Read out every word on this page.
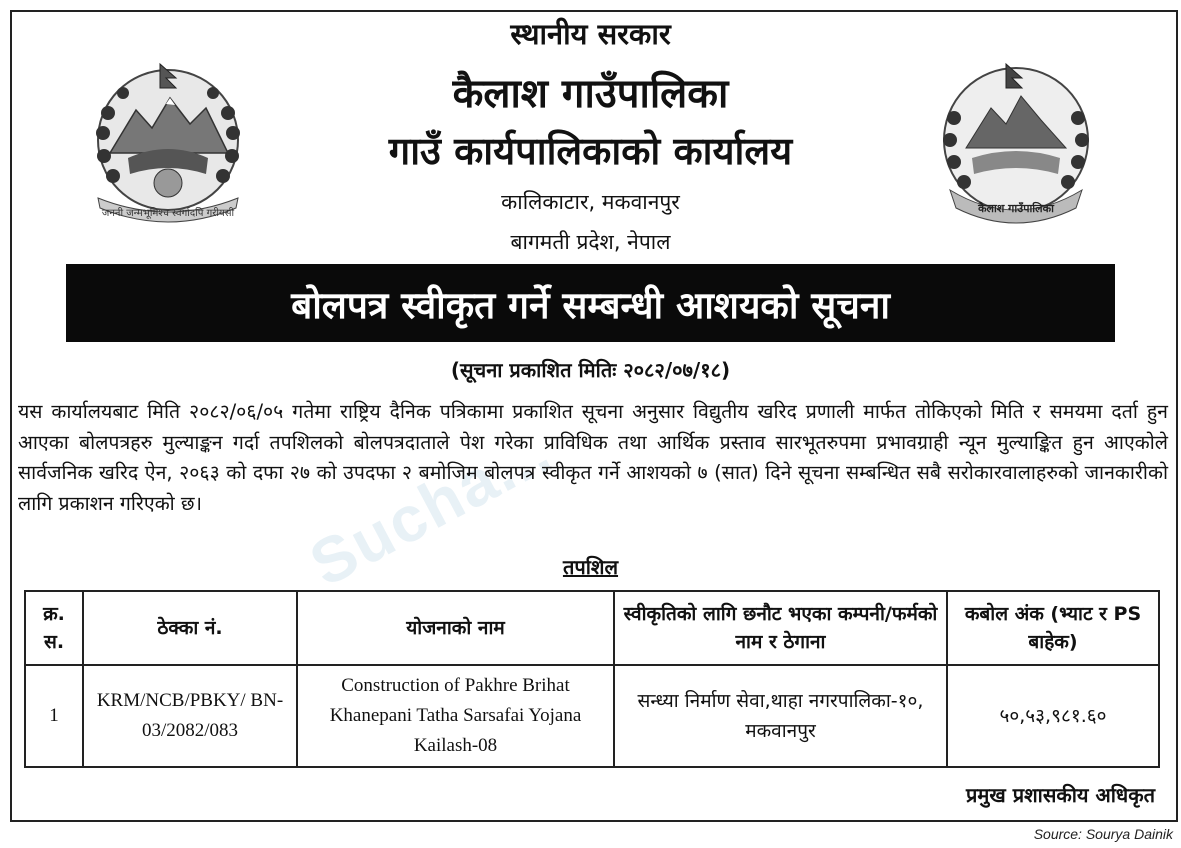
Sucha...
जननी जन्मभूमिश्च स्वर्गादपि गरीयसी	कैलाश गाउँपालिका
स्थानीय सरकार
कैलाश गाउँपालिका
गाउँ कार्यपालिकाको कार्यालय
कालिकाटार, मकवानपुर
बागमती प्रदेश, नेपाल
बोलपत्र स्वीकृत गर्ने सम्बन्धी आशयको सूचना
(सूचना प्रकाशित मितिः २०८२/०७/१८)
यस कार्यालयबाट मिति २०८२/०६/०५ गतेमा राष्ट्रिय दैनिक पत्रिकामा प्रकाशित सूचना अनुसार विद्युतीय खरिद प्रणाली मार्फत तोकिएको मिति र समयमा दर्ता हुन आएका बोलपत्रहरु मुल्याङ्कन गर्दा तपशिलको बोलपत्रदाताले पेश गरेका प्राविधिक तथा आर्थिक प्रस्ताव सारभूतरुपमा प्रभावग्राही न्यून मुल्याङ्कित हुन आएकोले सार्वजनिक खरिद ऐन, २०६३ को दफा २७ को उपदफा २ बमोजिम बोलपत्र स्वीकृत गर्ने आशयको ७ (सात) दिने सूचना सम्बन्धित सबै सरोकारवालाहरुको जानकारीको लागि प्रकाशन गरिएको छ।
तपशिल
क्र. स.	ठेक्का नं.	योजनाको नाम	स्वीकृतिको लागि छनौट भएका कम्पनी/फर्मको नाम र ठेगाना	कबोल अंक (भ्याट र PS बाहेक)
1	KRM/NCB/PBKY/ BN-03/2082/083	Construction of Pakhre Brihat Khanepani Tatha Sarsafai Yojana Kailash-08	सन्ध्या निर्माण सेवा,थाहा नगरपालिका-१०, मकवानपुर	५०,५३,९८१.६०
प्रमुख प्रशासकीय अधिकृत
Source: Sourya Dainik
